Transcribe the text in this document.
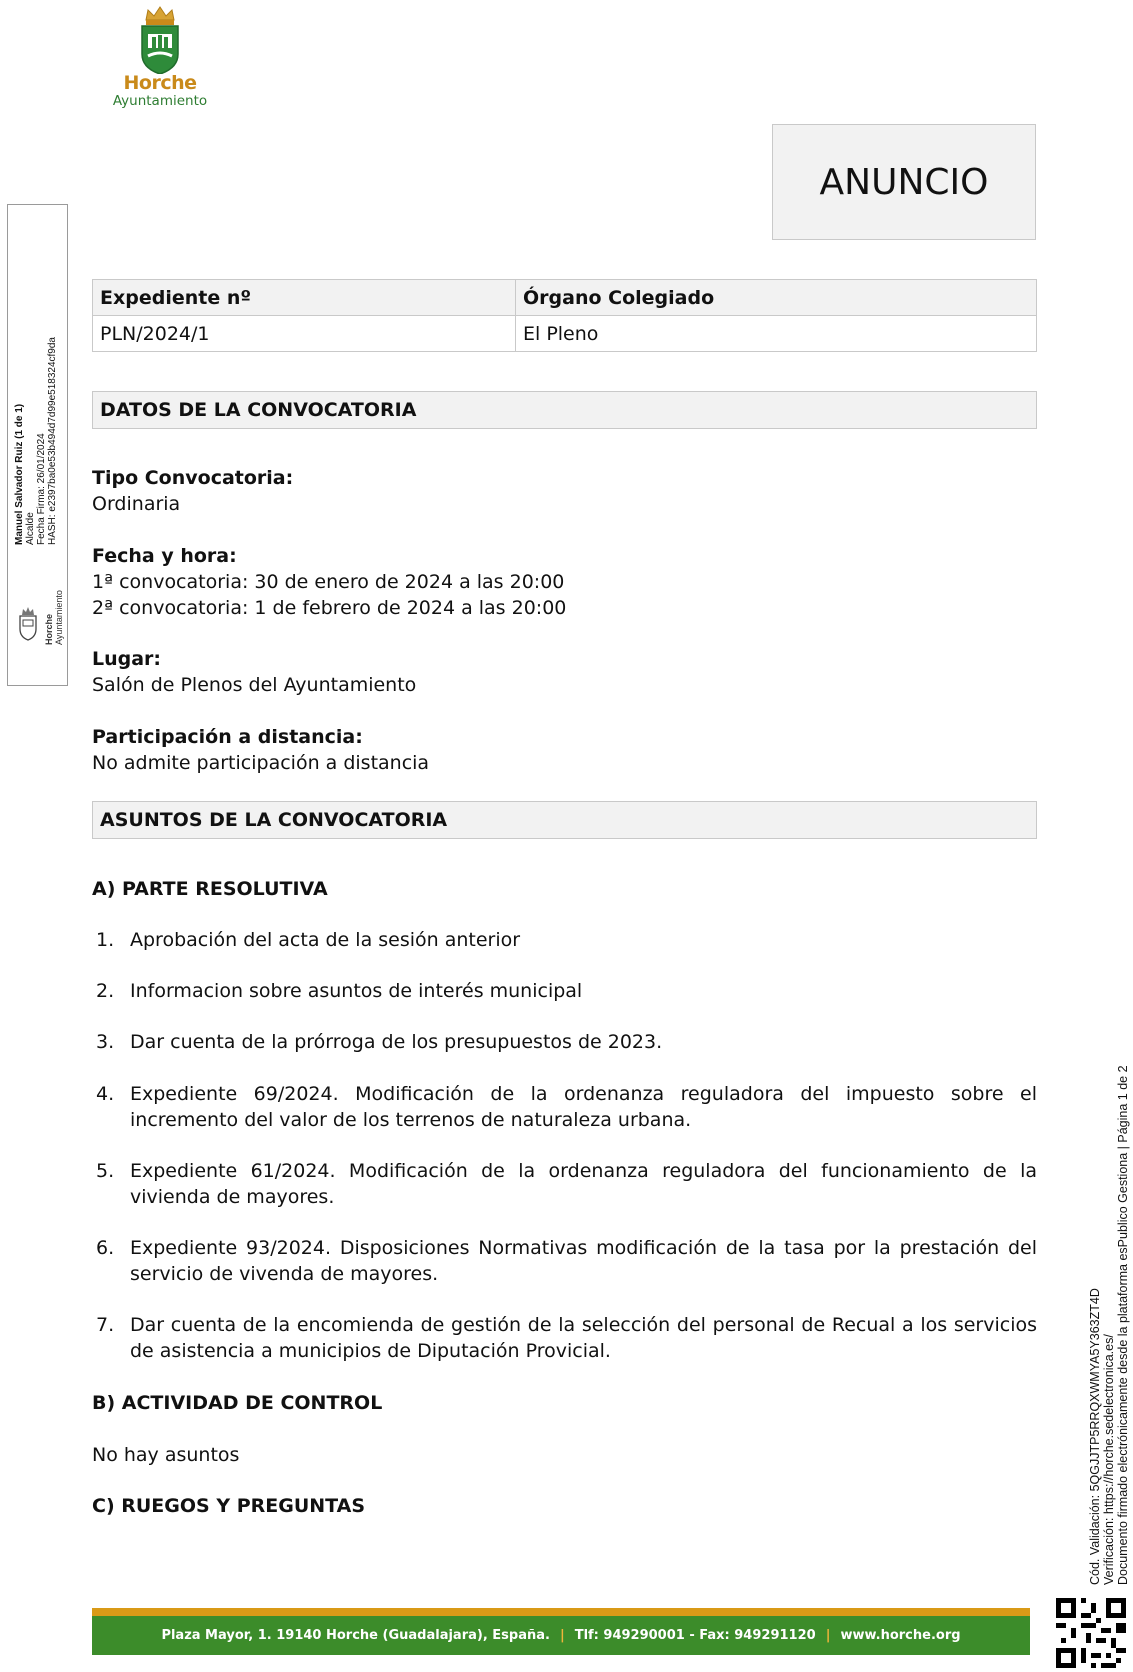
Horche
Ayuntamiento
ANUNCIO
Manuel Salvador Ruiz (1 de 1) Alcalde Fecha Firma: 26/01/2024 HASH: e2397ba0e53b494d7d99e518324cf9da
Horche Ayuntamiento
Expediente nº	Órgano Colegiado
PLN/2024/1	El Pleno
DATOS DE LA CONVOCATORIA
Tipo Convocatoria:
Ordinaria
Fecha y hora:
1ª convocatoria: 30 de enero de 2024 a las 20:00
2ª convocatoria: 1 de febrero de 2024 a las 20:00
Lugar:
Salón de Plenos del Ayuntamiento
Participación a distancia:
No admite participación a distancia
ASUNTOS DE LA CONVOCATORIA
A) PARTE RESOLUTIVA
1. Aprobación del acta de la sesión anterior
2. Informacion sobre asuntos de interés municipal
3. Dar cuenta de la prórroga de los presupuestos de 2023.
4. Expediente 69/2024. Modificación de la ordenanza reguladora del impuesto sobre el incremento del valor de los terrenos de naturaleza urbana.
5. Expediente 61/2024. Modificación de la ordenanza reguladora del funcionamiento de la vivienda de mayores.
6. Expediente 93/2024. Disposiciones Normativas modificación de la tasa por la prestación del servicio de vivenda de mayores.
7. Dar cuenta de la encomienda de gestión de la selección del personal de Recual a los servicios de asistencia a municipios de Diputación Provicial.
B) ACTIVIDAD DE CONTROL
No hay asuntos
C) RUEGOS Y PREGUNTAS	Cód. Validación: 5QGJJTP5RRQXWMYA5Y363ZT4D Verificación: https://horche.sedelectronica.es/ Documento firmado electrónicamente desde la plataforma esPublico Gestiona | Página 1 de 2
Plaza Mayor, 1. 19140 Horche (Guadalajara), España. | Tlf: 949290001 - Fax: 949291120 | www.horche.org
